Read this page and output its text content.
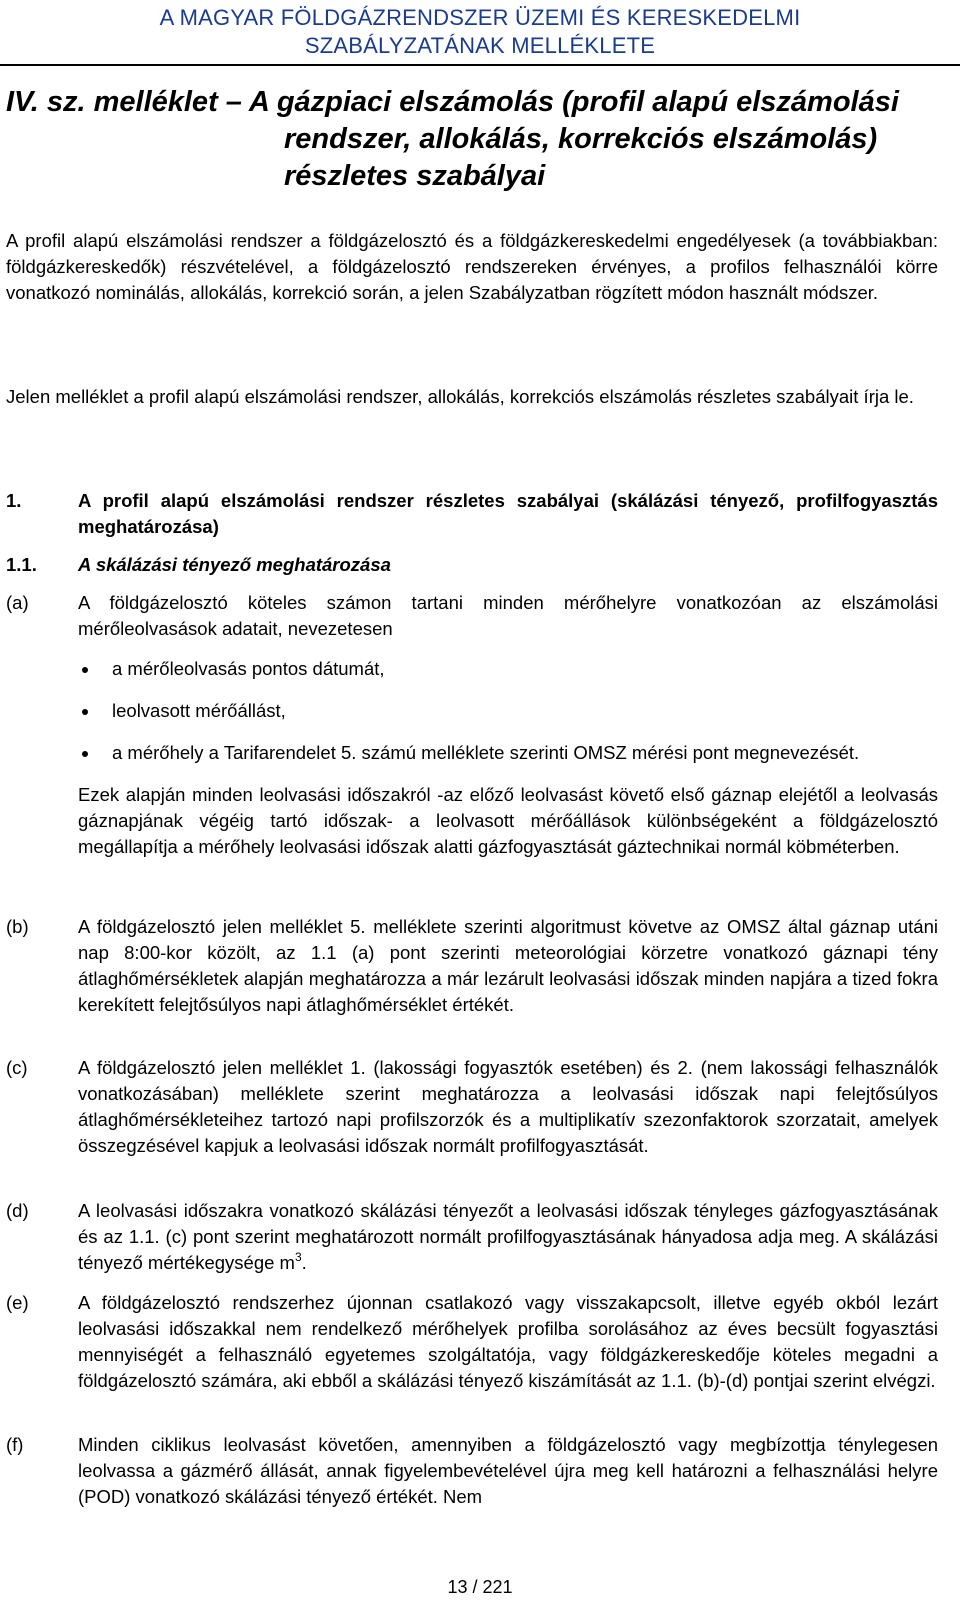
A MAGYAR FÖLDGÁZRENDSZER ÜZEMI ÉS KERESKEDELMI
SZABÁLYZATÁNAK MELLÉKLETE
IV. sz. melléklet – A gázpiaci elszámolás (profil alapú elszámolási
rendszer, allokálás, korrekciós elszámolás)
részletes szabályai

A profil alapú elszámolási rendszer a földgázelosztó és a földgázkereskedelmi engedélyesek (a továbbiakban: földgázkereskedők) részvételével, a földgázelosztó rendszereken érvényes, a profilos felhasználói körre vonatkozó nominálás, allokálás, korrekció során, a jelen Szabályzatban rögzített módon használt módszer.

Jelen melléklet a profil alapú elszámolási rendszer, allokálás, korrekciós elszámolás részletes szabályait írja le.

1.	A profil alapú elszámolási rendszer részletes szabályai (skálázási tényező, profilfogyasztás meghatározása)
1.1. A skálázási tényező meghatározása
(a)	A földgázelosztó köteles számon tartani minden mérőhelyre vonatkozóan az elszámolási mérőleolvasások adatait, nevezetesen

a mérőleolvasás pontos dátumát,
leolvasott mérőállást,
a mérőhely a Tarifarendelet 5. számú melléklete szerinti OMSZ mérési pont megnevezését.

Ezek alapján minden leolvasási időszakról -az előző leolvasást követő első gáznap elejétől a leolvasás gáznapjának végéig tartó időszak- a leolvasott mérőállások különbségeként a földgázelosztó megállapítja a mérőhely leolvasási időszak alatti gázfogyasztását gáztechnikai normál köbméterben.

(b)	A földgázelosztó jelen melléklet 5. melléklete szerinti algoritmust követve az OMSZ által gáznap utáni nap 8:00-kor közölt, az 1.1 (a) pont szerinti meteorológiai körzetre vonatkozó gáznapi tény átlaghőmérsékletek alapján meghatározza a már lezárult leolvasási időszak minden napjára a tized fokra kerekített felejtősúlyos napi átlaghőmérséklet értékét.

(c)	A földgázelosztó jelen melléklet 1. (lakossági fogyasztók esetében) és 2. (nem lakossági felhasználók vonatkozásában) melléklete szerint meghatározza a leolvasási időszak napi felejtősúlyos átlaghőmérsékleteihez tartozó napi profilszorzók és a multiplikatív szezonfaktorok szorzatait, amelyek összegzésével kapjuk a leolvasási időszak normált profilfogyasztását.

(d)	A leolvasási időszakra vonatkozó skálázási tényezőt a leolvasási időszak tényleges gázfogyasztásának és az 1.1. (c) pont szerint meghatározott normált profilfogyasztásának hányadosa adja meg. A skálázási tényező mértékegysége $m^3$.

(e)	A földgázelosztó rendszerhez újonnan csatlakozó vagy visszakapcsolt, illetve egyéb okból lezárt leolvasási időszakkal nem rendelkező mérőhelyek profilba sorolásához az éves becsült fogyasztási mennyiségét a felhasználó egyetemes szolgáltatója, vagy földgázkereskedője köteles megadni a földgázelosztó számára, aki ebből a skálázási tényező kiszámítását az 1.1. (b)-(d) pontjai szerint elvégzi.

(f)	Minden ciklikus leolvasást követően, amennyiben a földgázelosztó vagy megbízottja ténylegesen leolvassa a gázmérő állását, annak figyelembevételével újra meg kell határozni a felhasználási helyre (POD) vonatkozó skálázási tényező értékét. Nem

13 / 221
